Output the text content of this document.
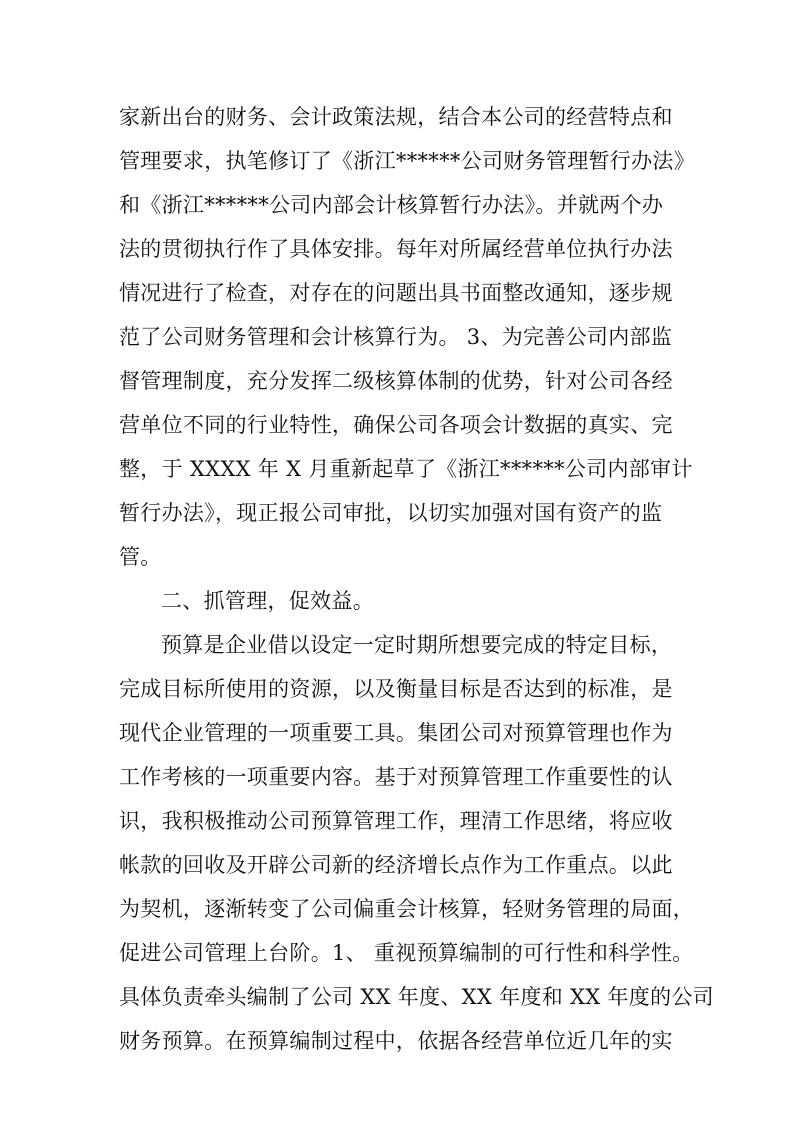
家新出台的财务、会计政策法规，结合本公司的经营特点和
管理要求，执笔修订了《浙江******公司财务管理暂行办法》
和《浙江******公司内部会计核算暂行办法》。并就两个办
法的贯彻执行作了具体安排。每年对所属经营单位执行办法
情况进行了检查，对存在的问题出具书面整改通知，逐步规
范了公司财务管理和会计核算行为。 3、为完善公司内部监
督管理制度，充分发挥二级核算体制的优势，针对公司各经
营单位不同的行业特性，确保公司各项会计数据的真实、完
整，于 XXXX 年 X 月重新起草了《浙江******公司内部审计
暂行办法》，现正报公司审批，以切实加强对国有资产的监
管。
二、抓管理，促效益。
预算是企业借以设定一定时期所想要完成的特定目标，
完成目标所使用的资源，以及衡量目标是否达到的标准，是
现代企业管理的一项重要工具。集团公司对预算管理也作为
工作考核的一项重要内容。基于对预算管理工作重要性的认
识，我积极推动公司预算管理工作，理清工作思绪，将应收
帐款的回收及开辟公司新的经济增长点作为工作重点。以此
为契机，逐渐转变了公司偏重会计核算，轻财务管理的局面，
促进公司管理上台阶。1、 重视预算编制的可行性和科学性。
具体负责牵头编制了公司 XX 年度、XX 年度和 XX 年度的公司
财务预算。在预算编制过程中，依据各经营单位近几年的实
